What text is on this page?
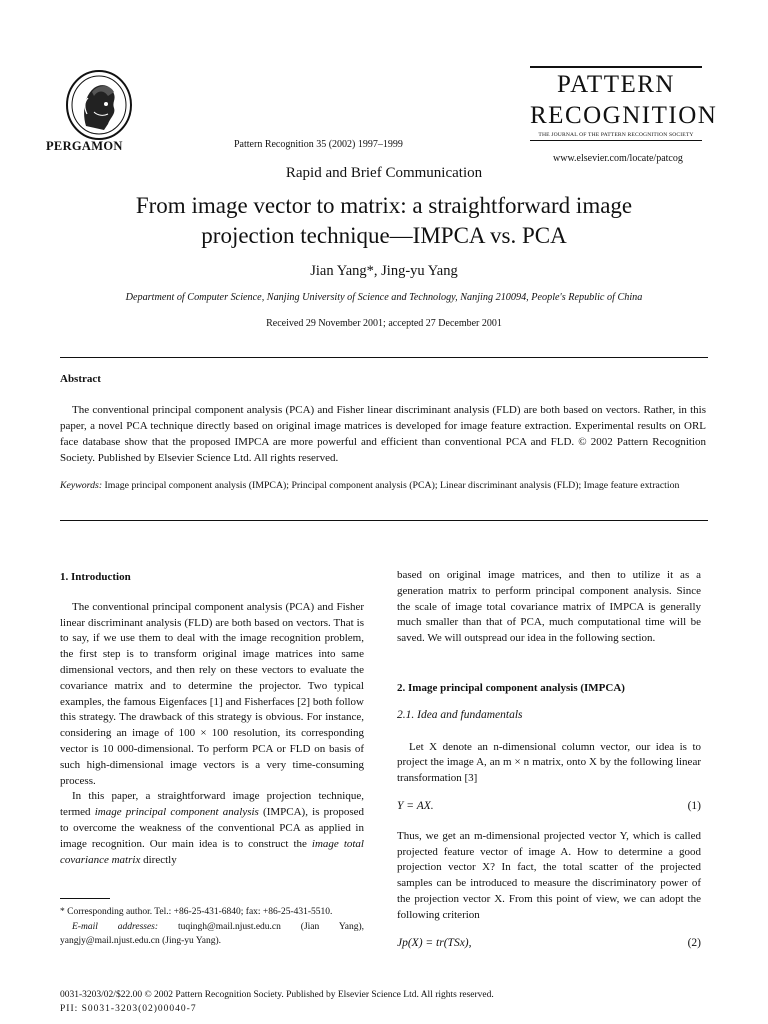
PERGAMON	Pattern Recognition 35 (2002) 1997–1999
PATTERN
RECOGNITION
THE JOURNAL OF THE PATTERN RECOGNITION SOCIETY
www.elsevier.com/locate/patcog
Rapid and Brief Communication
From image vector to matrix: a straightforward image
projection technique—IMPCA vs. PCA
Jian Yang*, Jing-yu Yang
Department of Computer Science, Nanjing University of Science and Technology, Nanjing 210094, People's Republic of China
Received 29 November 2001; accepted 27 December 2001
Abstract
The conventional principal component analysis (PCA) and Fisher linear discriminant analysis (FLD) are both based on vectors. Rather, in this paper, a novel PCA technique directly based on original image matrices is developed for image feature extraction. Experimental results on ORL face database show that the proposed IMPCA are more powerful and efficient than conventional PCA and FLD. © 2002 Pattern Recognition Society. Published by Elsevier Science Ltd. All rights reserved.
Keywords: Image principal component analysis (IMPCA); Principal component analysis (PCA); Linear discriminant analysis (FLD); Image feature extraction
1. Introduction
The conventional principal component analysis (PCA) and Fisher linear discriminant analysis (FLD) are both based on vectors. That is to say, if we use them to deal with the image recognition problem, the first step is to transform original image matrices into same dimensional vectors, and then rely on these vectors to evaluate the covariance matrix and to determine the projector. Two typical examples, the famous Eigenfaces [1] and Fisherfaces [2] both follow this strategy. The drawback of this strategy is obvious. For instance, considering an image of 100 × 100 resolution, its corresponding vector is 10 000-dimensional. To perform PCA or FLD on basis of such high-dimensional image vectors is a very time-consuming process.
In this paper, a straightforward image projection technique, termed image principal component analysis (IMPCA), is proposed to overcome the weakness of the conventional PCA as applied in image recognition. Our main idea is to construct the image total covariance matrix directly
* Corresponding author. Tel.: +86-25-431-6840; fax: +86-25-431-5510.
E-mail addresses: tuqingh@mail.njust.edu.cn (Jian Yang), yangjy@mail.njust.edu.cn (Jing-yu Yang).
based on original image matrices, and then to utilize it as a generation matrix to perform principal component analysis. Since the scale of image total covariance matrix of IMPCA is generally much smaller than that of PCA, much computational time will be saved. We will outspread our idea in the following section.
2. Image principal component analysis (IMPCA)
2.1. Idea and fundamentals
Let X denote an n-dimensional column vector, our idea is to project the image A, an m × n matrix, onto X by the following linear transformation [3]
Y = AX.	(1)
Thus, we get an m-dimensional projected vector Y, which is called projected feature vector of image A. How to determine a good projection vector X? In fact, the total scatter of the projected samples can be introduced to measure the discriminatory power of the projection vector X. From this point of view, we can adopt the following criterion
Jp(X) = tr(TSx),	(2)
0031-3203/02/$22.00 © 2002 Pattern Recognition Society. Published by Elsevier Science Ltd. All rights reserved.
PII: S0031-3203(02)00040-7
